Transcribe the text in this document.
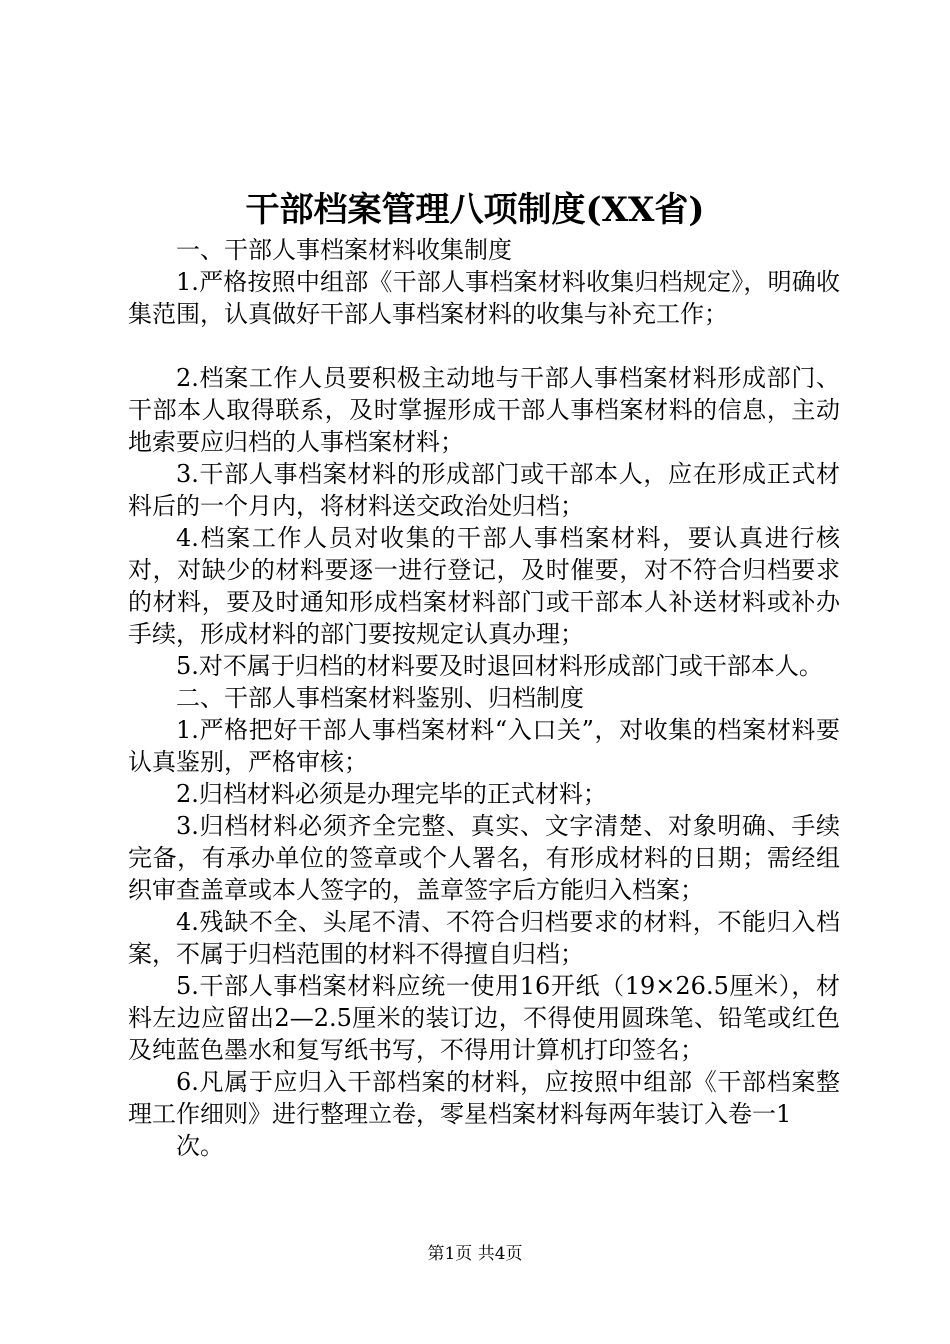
干部档案管理八项制度(XX省)

一、干部人事档案材料收集制度

1.严格按照中组部《干部人事档案材料收集归档规定》，明确收集范围，认真做好干部人事档案材料的收集与补充工作；

2.档案工作人员要积极主动地与干部人事档案材料形成部门、干部本人取得联系，及时掌握形成干部人事档案材料的信息，主动地索要应归档的人事档案材料；

3.干部人事档案材料的形成部门或干部本人，应在形成正式材料后的一个月内，将材料送交政治处归档；

4.档案工作人员对收集的干部人事档案材料，要认真进行核对，对缺少的材料要逐一进行登记，及时催要，对不符合归档要求的材料，要及时通知形成档案材料部门或干部本人补送材料或补办手续，形成材料的部门要按规定认真办理；

5.对不属于归档的材料要及时退回材料形成部门或干部本人。

二、干部人事档案材料鉴别、归档制度

1.严格把好干部人事档案材料“入口关”，对收集的档案材料要认真鉴别，严格审核；

2.归档材料必须是办理完毕的正式材料；

3.归档材料必须齐全完整、真实、文字清楚、对象明确、手续完备，有承办单位的签章或个人署名，有形成材料的日期；需经组织审查盖章或本人签字的，盖章签字后方能归入档案；

4.残缺不全、头尾不清、不符合归档要求的材料，不能归入档案，不属于归档范围的材料不得擅自归档；

5.干部人事档案材料应统一使用16开纸（19×26.5厘米），材料左边应留出2—2.5厘米的装订边，不得使用圆珠笔、铅笔或红色及纯蓝色墨水和复写纸书写，不得用计算机打印签名；

6.凡属于应归入干部档案的材料，应按照中组部《干部档案整理工作细则》进行整理立卷，零星档案材料每两年装订入卷一1

次。

第1页 共4页
